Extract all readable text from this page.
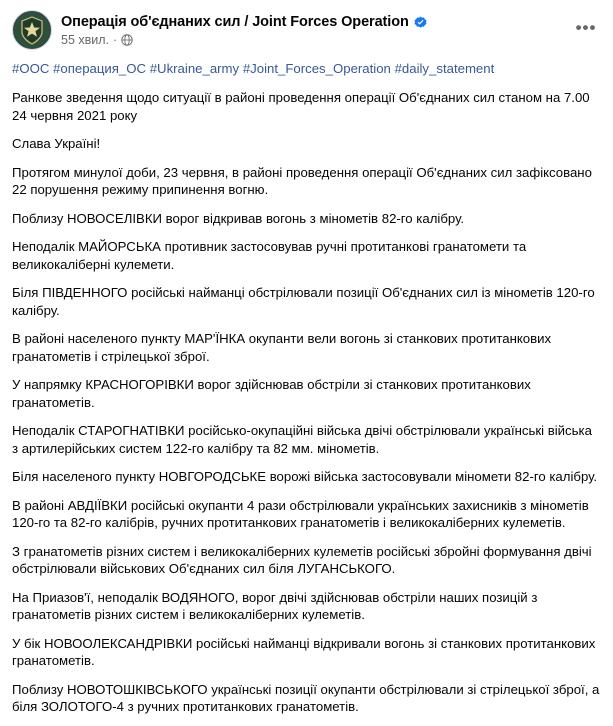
Операція об'єднаних сил / Joint Forces Operation
55 хвил. ·
•••
#ООС #операция_ОС #Ukraine_army #Joint_Forces_Operation #daily_statement

Ранкове зведення щодо ситуації в районі проведення операції Об'єднаних сил станом на 7.00 24 червня 2021 року

Слава Україні!

Протягом минулої доби, 23 червня, в районі проведення операції Об'єднаних сил зафіксовано 22 порушення режиму припинення вогню.

Поблизу НОВОСЕЛІВКИ ворог відкривав вогонь з мінометів 82-го калібру.

Неподалік МАЙОРСЬКА противник застосовував ручні протитанкові гранатомети та великокаліберні кулемети.

Біля ПІВДЕННОГО російські найманці обстрілювали позиції Об'єднаних сил із мінометів 120-го калібру.

В районі населеного пункту МАР'ЇНКА окупанти вели вогонь зі станкових протитанкових гранатометів і стрілецької зброї.

У напрямку КРАСНОГОРІВКИ ворог здійснював обстріли зі станкових протитанкових гранатометів.

Неподалік СТАРОГНАТІВКИ російсько-окупаційні війська двічі обстрілювали українські війська з артилерійських систем 122-го калібру та 82 мм. мінометів.

Біля населеного пункту НОВГОРОДСЬКЕ ворожі війська застосовували міномети 82-го калібру.

В районі АВДІЇВКИ російські окупанти 4 рази обстрілювали українських захисників з мінометів 120-го та 82-го калібрів, ручних протитанкових гранатометів і великокаліберних кулеметів.

З гранатометів різних систем і великокаліберних кулеметів російські збройні формування двічі обстрілювали військових Об'єднаних сил біля ЛУГАНСЬКОГО.

На Приазов'ї, неподалік ВОДЯНОГО, ворог двічі здійснював обстріли наших позицій з гранатометів різних систем і великокаліберних кулеметів.

У бік НОВООЛЕКСАНДРІВКИ російські найманці відкривали вогонь зі станкових протитанкових гранатометів.

Поблизу НОВОТОШКІВСЬКОГО українські позиції окупанти обстрілювали зі стрілецької зброї, а біля ЗОЛОТОГО-4 з ручних протитанкових гранатометів.
